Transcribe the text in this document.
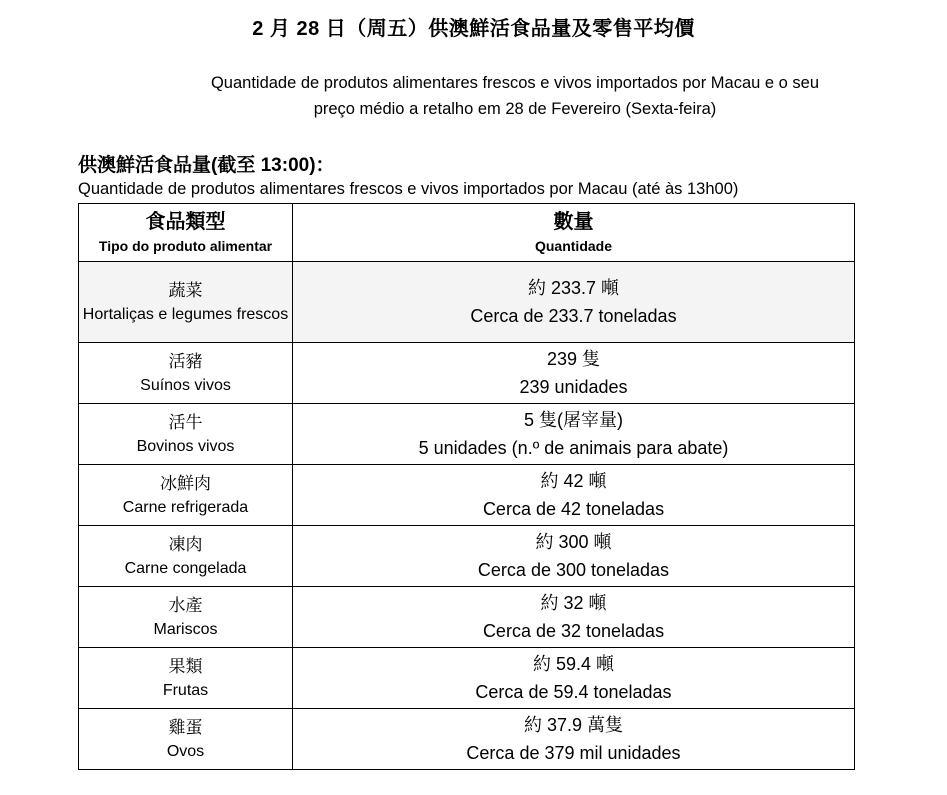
2 月 28 日（周五）供澳鮮活食品量及零售平均價
Quantidade de produtos alimentares frescos e vivos importados por Macau e o seu
preço médio a retalho em 28 de Fevereiro (Sexta-feira)
供澳鮮活食品量(截至 13:00)：
Quantidade de produtos alimentares frescos e vivos importados por Macau (até às 13h00)
食品類型
Tipo do produto alimentar	數量
Quantidade

蔬菜
Hortaliças e legumes frescos	約 233.7 噸
Cerca de 233.7 toneladas

活豬
Suínos vivos	239 隻
239 unidades

活牛
Bovinos vivos	5 隻(屠宰量)
5 unidades (n.º de animais para abate)

冰鮮肉
Carne refrigerada	約 42 噸
Cerca de 42 toneladas

凍肉
Carne congelada	約 300 噸
Cerca de 300 toneladas

水產
Mariscos	約 32 噸
Cerca de 32 toneladas

果類
Frutas	約 59.4 噸
Cerca de 59.4 toneladas

雞蛋
Ovos	約 37.9 萬隻
Cerca de 379 mil unidades
